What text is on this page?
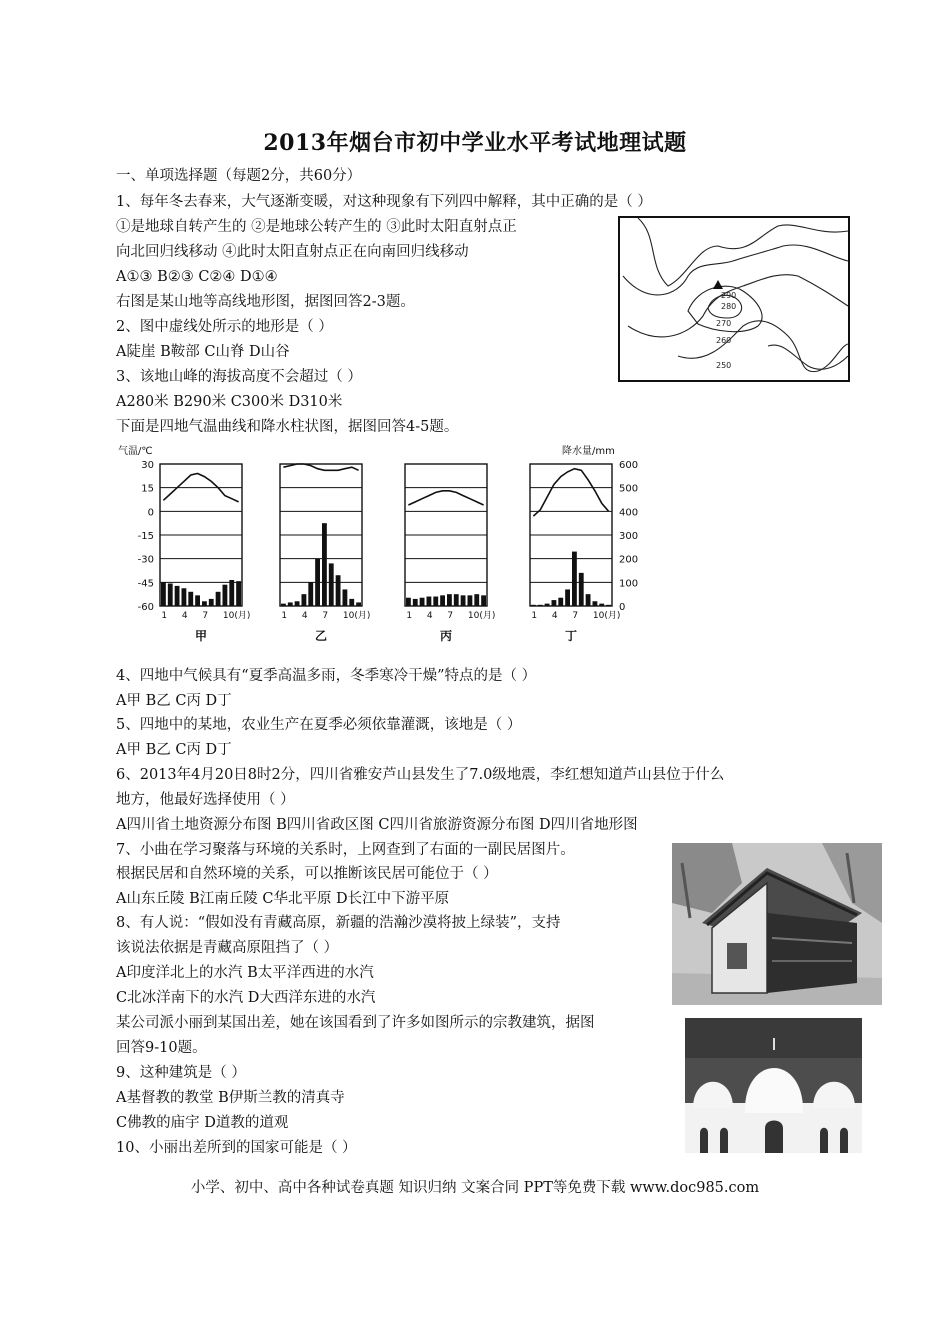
2013年烟台市初中学业水平考试地理试题
一、单项选择题（每题2分，共60分）
1、每年冬去春来，大气逐渐变暖，对这种现象有下列四中解释，其中正确的是（ ）
①是地球自转产生的 ②是地球公转产生的 ③此时太阳直射点正
向北回归线移动 ④此时太阳直射点正在向南回归线移动
A①③ B②③ C②④ D①④
右图是某山地等高线地形图，据图回答2-3题。
2、图中虚线处所示的地形是（ ）
A陡崖 B鞍部 C山脊 D山谷
3、该地山峰的海拔高度不会超过（ ）
A280米 B290米 C300米 D310米
下面是四地气温曲线和降水柱状图，据图回答4-5题。
290
280
270
260
250
气温/℃	降水量/mm
30
15
0
-15
-30
-45
-60
600
500
400
300
200
100
0
1 4 7 10(月)
甲
1 4 7 10(月)
乙
1 4 7 10(月)
丙
1 4 7 10(月)
丁
4、四地中气候具有“夏季高温多雨，冬季寒冷干燥”特点的是（ ）
A甲 B乙 C丙 D丁
5、四地中的某地，农业生产在夏季必须依靠灌溉，该地是（ ）
A甲 B乙 C丙 D丁
6、2013年4月20日8时2分，四川省雅安芦山县发生了7.0级地震，李红想知道芦山县位于什么
地方，他最好选择使用（ ）
A四川省土地资源分布图 B四川省政区图 C四川省旅游资源分布图 D四川省地形图
7、小曲在学习聚落与环境的关系时，上网查到了右面的一副民居图片。
根据民居和自然环境的关系，可以推断该民居可能位于（ ）
A山东丘陵 B江南丘陵 C华北平原 D长江中下游平原
8、有人说：“假如没有青藏高原，新疆的浩瀚沙漠将披上绿装”，支持
该说法依据是青藏高原阻挡了（ ）
A印度洋北上的水汽 B太平洋西进的水汽
C北冰洋南下的水汽 D大西洋东进的水汽
某公司派小丽到某国出差，她在该国看到了许多如图所示的宗教建筑，据图
回答9-10题。
9、这种建筑是（ ）
A基督教的教堂 B伊斯兰教的清真寺
C佛教的庙宇 D道教的道观
10、小丽出差所到的国家可能是（ ）
小学、初中、高中各种试卷真题 知识归纳 文案合同 PPT等免费下载 www.doc985.com
